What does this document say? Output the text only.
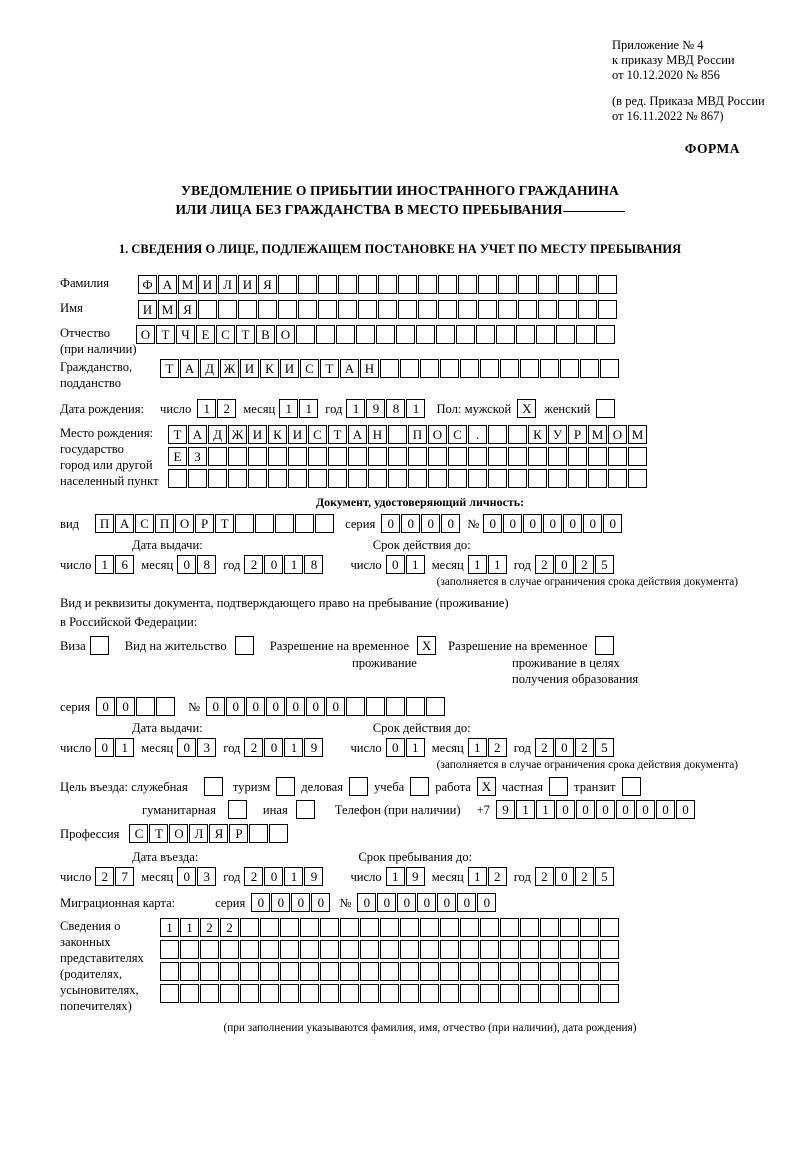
Приложение № 4
к приказу МВД России
от 10.12.2020 № 856
(в ред. Приказа МВД России
от 16.11.2022 № 867)
ФОРМА
УВЕДОМЛЕНИЕ О ПРИБЫТИИ ИНОСТРАННОГО ГРАЖДАНИНА
ИЛИ ЛИЦА БЕЗ ГРАЖДАНСТВА В МЕСТО ПРЕБЫВАНИЯ
1. СВЕДЕНИЯ О ЛИЦЕ, ПОДЛЕЖАЩЕМ ПОСТАНОВКЕ НА УЧЕТ ПО МЕСТУ ПРЕБЫВАНИЯ
Фамилия	Ф А М И Л И Я
Имя	И М Я
Отчество
(при наличии)
О Т Ч Е С Т В О
Гражданство,
подданство
Т А Д Ж И К И С Т А Н
Дата рождения: число 1	2	месяц 1	1	год 1	9	8	1	Пол: мужской X	женский
Место рождения:
государство
город или другой
населенный пункт
Т А Д Ж И К И С Т А Н	П О С	.	К У Р М О М
Е З
Документ, удостоверяющий личность:
вид	П А С П О Р Т	серия 0	0	0	0	№ 0	0	0	0	0	0	0
Дата выдачи:	Срок действия до:
число 1	6	месяц 0	8	год 2	0	1	8	число 0	1	месяц 1	1	год 2	0	2	5
(заполняется в случае ограничения срока действия документа)
Вид и реквизиты документа, подтверждающего право на пребывание (проживание)
в Российской Федерации:
Виза	Вид на жительство	Разрешение на временное X	Разрешение на временное
проживание	проживание в целях
получения образования
серия 0	0	№ 0	0	0	0	0	0	0
Дата выдачи:	Срок действия до:
число 0	1	месяц 0	3	год 2	0	1	9	число 0	1	месяц 1	2	год 2	0	2	5
(заполняется в случае ограничения срока действия документа)
Цель въезда: служебная	туризм деловая учеба работа X частная транзит
гуманитарная	иная	Телефон (при наличии) +7 9	1	1	0	0	0	0	0	0	0
Профессия	С Т О Л Я Р
Дата въезда:	Срок пребывания до:
число 2	7	месяц 0	3	год 2	0	1	9	число 1	9	месяц 1	2	год 2	0	2	5
Миграционная карта:	серия 0	0	0	0	№ 0	0	0	0	0	0	0
Сведения о
законных
представителях
(родителях,
усыновителях,
попечителях)
1	1	2	2
(при заполнении указываются фамилия, имя, отчество (при наличии), дата рождения)
